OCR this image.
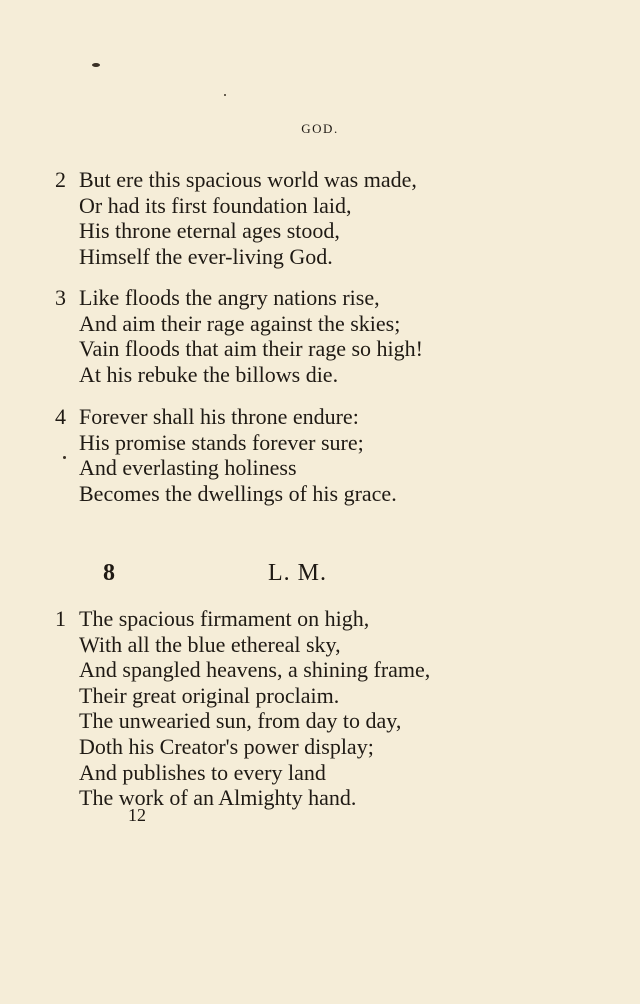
GOD.
2 But ere this spacious world was made,
Or had its first foundation laid,
His throne eternal ages stood,
Himself the ever-living God.
3 Like floods the angry nations rise,
And aim their rage against the skies;
Vain floods that aim their rage so high!
At his rebuke the billows die.
4 Forever shall his throne endure:
His promise stands forever sure;
And everlasting holiness
Becomes the dwellings of his grace.
8	L. M.
1 The spacious firmament on high,
With all the blue ethereal sky,
And spangled heavens, a shining frame,
Their great original proclaim.
The unwearied sun, from day to day,
Doth his Creator's power display;
And publishes to every land
The work of an Almighty hand.
12
